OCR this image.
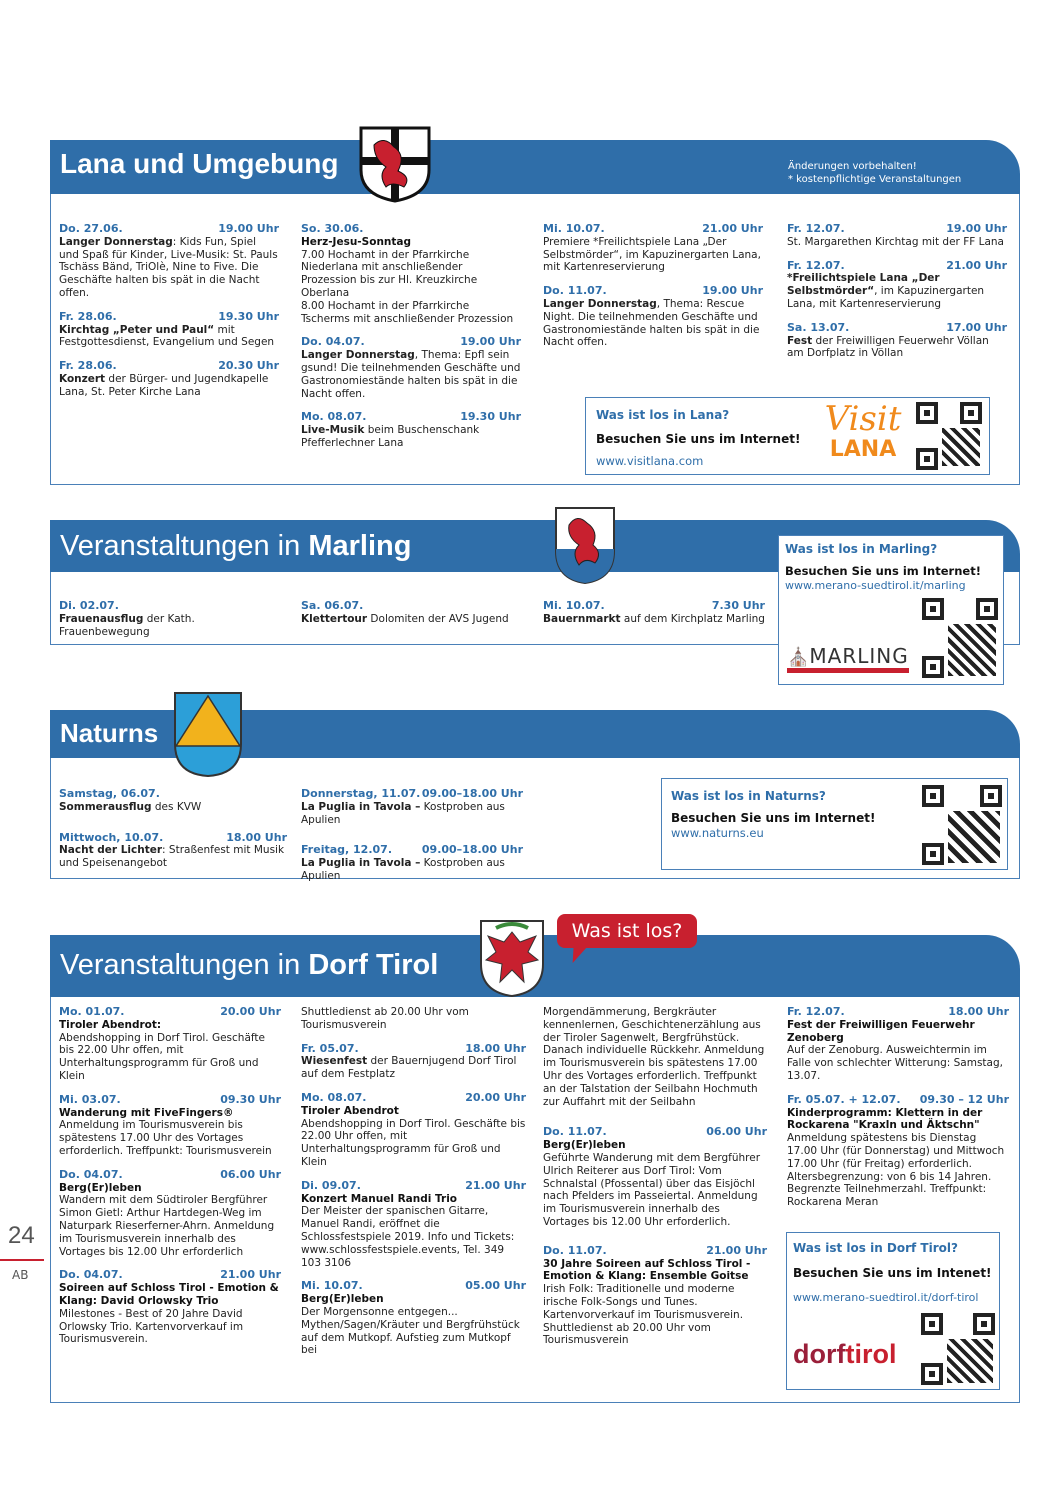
Lana und Umgebung	Änderungen vorbehalten!
* kostenpflichtige Veranstaltungen
Do. 27.06.	19.00 Uhr
Langer Donnerstag: Kids Fun, Spiel und Spaß für Kinder, Live-Musik: St. Pauls Tschäss Bänd, TriOlè, Nine to Five. Die Geschäfte halten bis spät in die Nacht offen.
Fr. 28.06.	19.30 Uhr
Kirchtag „Peter und Paul“ mit Festgottesdienst, Evangelium und Segen
Fr. 28.06.	20.30 Uhr
Konzert der Bürger- und Jugendkapelle Lana, St. Peter Kirche Lana
So. 30.06.
Herz-Jesu-Sonntag
7.00 Hochamt in der Pfarrkirche Niederlana mit anschließender Prozession bis zur Hl. Kreuzkirche Oberlana
8.00 Hochamt in der Pfarrkirche Tscherms mit anschließender Prozession
Do. 04.07.	19.00 Uhr
Langer Donnerstag, Thema: Epfl sein gsund! Die teilnehmenden Geschäfte und Gastronomiestände halten bis spät in die Nacht offen.
Mo. 08.07.	19.30 Uhr
Live-Musik beim Buschenschank Pfefferlechner Lana
Mi. 10.07.	21.00 Uhr
Premiere *Freilichtspiele Lana „Der Selbstmörder“, im Kapuzinergarten Lana, mit Kartenreservierung
Do. 11.07.	19.00 Uhr
Langer Donnerstag, Thema: Rescue Night. Die teilnehmenden Geschäfte und Gastronomiestände halten bis spät in die Nacht offen.
Fr. 12.07.	19.00 Uhr
St. Margarethen Kirchtag mit der FF Lana
Fr. 12.07.	21.00 Uhr
*Freilichtspiele Lana „Der Selbstmörder“, im Kapuzinergarten Lana, mit Kartenreservierung
Sa. 13.07.	17.00 Uhr
Fest der Freiwilligen Feuerwehr Völlan am Dorfplatz in Völlan
Was ist los in Lana?
Besuchen Sie uns im Internet!
www.visitlana.com
Visit
LANA
Veranstaltungen in Marling
Di. 02.07.
Frauenausflug der Kath. Frauenbewegung
Sa. 06.07.
Klettertour Dolomiten der AVS Jugend
Mi. 10.07.	7.30 Uhr
Bauernmarkt auf dem Kirchplatz Marling
Was ist los in Marling?
Besuchen Sie uns im Internet!
www.merano-suedtirol.it/marling
⛪MARLING
Naturns
Samstag, 06.07.
Sommerausflug des KVW
Mittwoch, 10.07.	18.00 Uhr
Nacht der Lichter: Straßenfest mit Musik und Speisenangebot
Donnerstag, 11.07. 09.00–18.00 Uhr
La Puglia in Tavola – Kostproben aus Apulien
Freitag, 12.07.	09.00–18.00 Uhr
La Puglia in Tavola – Kostproben aus Apulien
Was ist los in Naturns?
Besuchen Sie uns im Internet!
www.naturns.eu
Veranstaltungen in Dorf Tirol
Was ist los?
Mo. 01.07.	20.00 Uhr
Tiroler Abendrot:
Abendshopping in Dorf Tirol. Geschäfte bis 22.00 Uhr offen, mit Unterhaltungsprogramm für Groß und Klein
Mi. 03.07.	09.30 Uhr
Wanderung mit FiveFingers®
Anmeldung im Tourismusverein bis spätestens 17.00 Uhr des Vortages erforderlich. Treffpunkt: Tourismusverein
Do. 04.07.	06.00 Uhr
Berg(Er)leben
Wandern mit dem Südtiroler Bergführer Simon Gietl: Arthur Hartdegen-Weg im Naturpark Rieserferner-Ahrn. Anmeldung im Tourismusverein innerhalb des Vortages bis 12.00 Uhr erforderlich
Do. 04.07.	21.00 Uhr
Soireen auf Schloss Tirol - Emotion & Klang: David Orlowsky Trio
Milestones - Best of 20 Jahre David Orlowsky Trio. Kartenvorverkauf im Tourismusverein.
Shuttledienst ab 20.00 Uhr vom Tourismusverein
Fr. 05.07.	18.00 Uhr
Wiesenfest der Bauernjugend Dorf Tirol auf dem Festplatz
Mo. 08.07.	20.00 Uhr
Tiroler Abendrot
Abendshopping in Dorf Tirol. Geschäfte bis 22.00 Uhr offen, mit Unterhaltungsprogramm für Groß und Klein
Di. 09.07.	21.00 Uhr
Konzert Manuel Randi Trio
Der Meister der spanischen Gitarre, Manuel Randi, eröffnet die Schlossfestspiele 2019. Info und Tickets: www.schlossfestspiele.events, Tel. 349 103 3106
Mi. 10.07.	05.00 Uhr
Berg(Er)leben
Der Morgensonne entgegen... Mythen/Sagen/Kräuter und Bergfrühstück auf dem Mutkopf. Aufstieg zum Mutkopf bei
Morgendämmerung, Bergkräuter kennenlernen, Geschichtenerzählung aus der Tiroler Sagenwelt, Bergfrühstück. Danach individuelle Rückkehr. Anmeldung im Tourismusverein bis spätestens 17.00 Uhr des Vortages erforderlich. Treffpunkt an der Talstation der Seilbahn Hochmuth zur Auffahrt mit der Seilbahn
Do. 11.07.	06.00 Uhr
Berg(Er)leben
Geführte Wanderung mit dem Bergführer Ulrich Reiterer aus Dorf Tirol: Vom Schnalstal (Pfossental) über das Eisjöchl nach Pfelders im Passeiertal. Anmeldung im Tourismusverein innerhalb des Vortages bis 12.00 Uhr erforderlich.
Do. 11.07.	21.00 Uhr
30 Jahre Soireen auf Schloss Tirol - Emotion & Klang: Ensemble Goitse
Irish Folk: Traditionelle und moderne irische Folk-Songs und Tunes. Kartenvorverkauf im Tourismusverein. Shuttledienst ab 20.00 Uhr vom Tourismusverein
Fr. 12.07.	18.00 Uhr
Fest der Freiwilligen Feuerwehr Zenoberg
Auf der Zenoburg. Ausweichtermin im Falle von schlechter Witterung: Samstag, 13.07.
Fr. 05.07. + 12.07. 09.30 – 12 Uhr
Kinderprogramm: Klettern in der Rockarena "Kraxln und Äktschn"
Anmeldung spätestens bis Dienstag 17.00 Uhr (für Donnerstag) und Mittwoch 17.00 Uhr (für Freitag) erforderlich. Altersbegrenzung: von 6 bis 14 Jahren. Begrenzte Teilnehmerzahl. Treffpunkt: Rockarena Meran
Was ist los in Dorf Tirol?
Besuchen Sie uns im Intenet!
www.merano-suedtirol.it/dorf-tirol
dorftirol
24
AB
